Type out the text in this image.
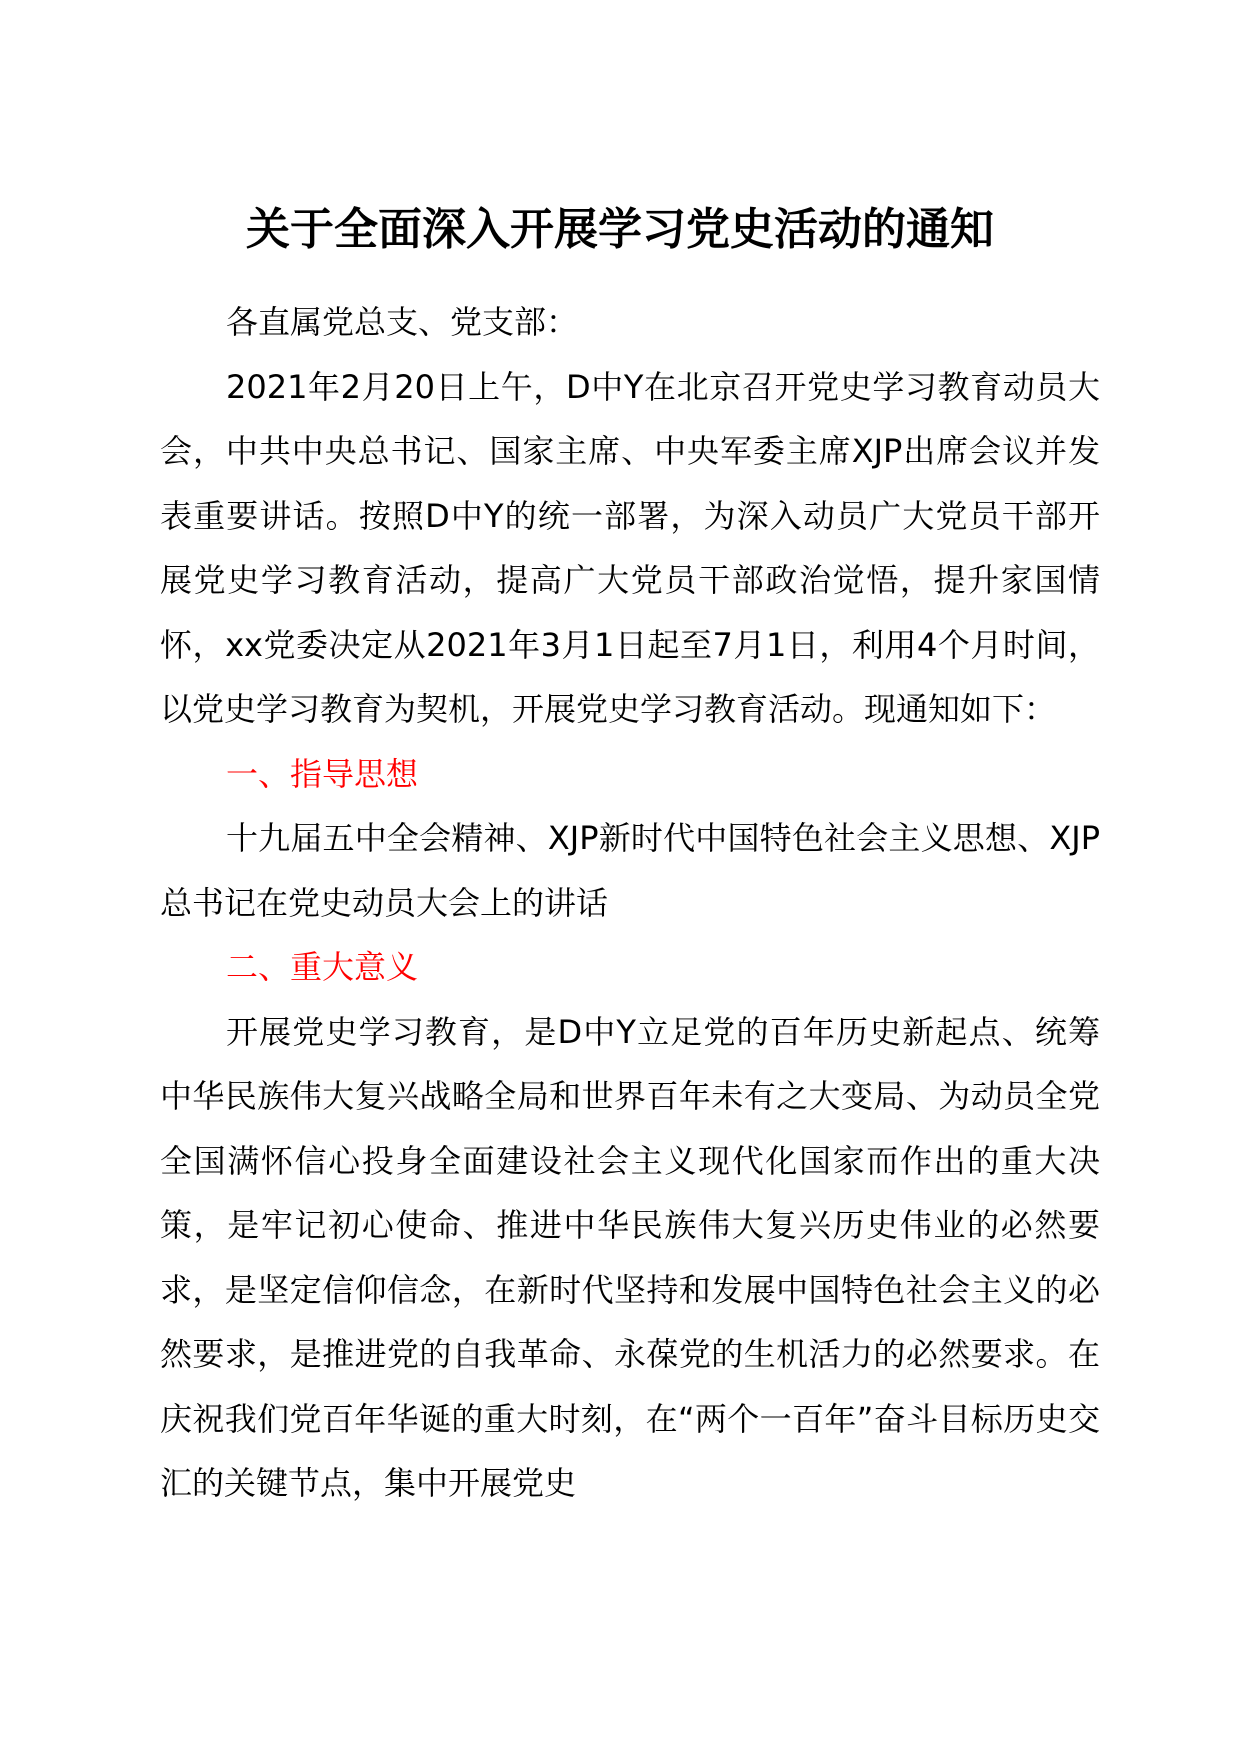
关于全面深入开展学习党史活动的通知

各直属党总支、党支部：

2021年2月20日上午，D中Y在北京召开党史学习教育动员大会，中共中央总书记、国家主席、中央军委主席XJP出席会议并发表重要讲话。按照D中Y的统一部署，为深入动员广大党员干部开展党史学习教育活动，提高广大党员干部政治觉悟，提升家国情怀，xx党委决定从2021年3月1日起至7月1日，利用4个月时间，以党史学习教育为契机，开展党史学习教育活动。现通知如下：

一、指导思想

十九届五中全会精神、XJP新时代中国特色社会主义思想、XJP总书记在党史动员大会上的讲话

二、重大意义

开展党史学习教育，是D中Y立足党的百年历史新起点、统筹中华民族伟大复兴战略全局和世界百年未有之大变局、为动员全党全国满怀信心投身全面建设社会主义现代化国家而作出的重大决策，是牢记初心使命、推进中华民族伟大复兴历史伟业的必然要求，是坚定信仰信念，在新时代坚持和发展中国特色社会主义的必然要求，是推进党的自我革命、永葆党的生机活力的必然要求。在庆祝我们党百年华诞的重大时刻，在“两个一百年”奋斗目标历史交汇的关键节点，集中开展党史
